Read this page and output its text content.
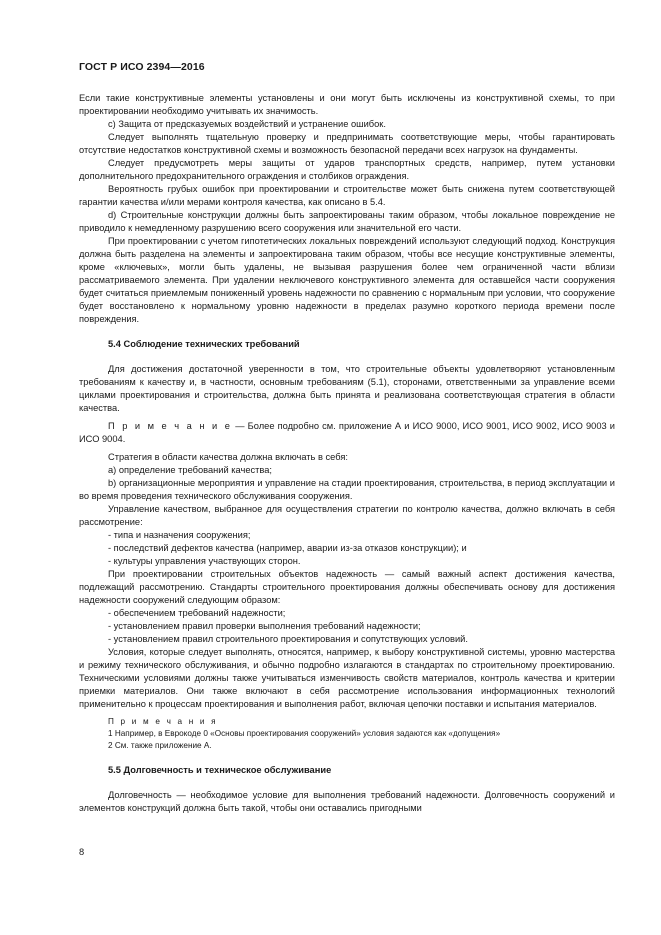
ГОСТ Р ИСО 2394—2016

Если такие конструктивные элементы установлены и они могут быть исключены из конструктивной схемы, то при проектировании необходимо учитывать их значимость.

c) Защита от предсказуемых воздействий и устранение ошибок.

Следует выполнять тщательную проверку и предпринимать соответствующие меры, чтобы гарантировать отсутствие недостатков конструктивной схемы и возможность безопасной передачи всех нагрузок на фундаменты.

Следует предусмотреть меры защиты от ударов транспортных средств, например, путем установки дополнительного предохранительного ограждения и столбиков ограждения.

Вероятность грубых ошибок при проектировании и строительстве может быть снижена путем соответствующей гарантии качества и/или мерами контроля качества, как описано в 5.4.

d) Строительные конструкции должны быть запроектированы таким образом, чтобы локальное повреждение не приводило к немедленному разрушению всего сооружения или значительной его части.

При проектировании с учетом гипотетических локальных повреждений используют следующий подход. Конструкция должна быть разделена на элементы и запроектирована таким образом, чтобы все несущие конструктивные элементы, кроме «ключевых», могли быть удалены, не вызывая разрушения более чем ограниченной части вблизи рассматриваемого элемента. При удалении неключевого конструктивного элемента для оставшейся части сооружения будет считаться приемлемым пониженный уровень надежности по сравнению с нормальным при условии, что сооружение будет восстановлено к нормальному уровню надежности в пределах разумно короткого периода времени после повреждения.

5.4 Соблюдение технических требований

Для достижения достаточной уверенности в том, что строительные объекты удовлетворяют установленным требованиям к качеству и, в частности, основным требованиям (5.1), сторонами, ответственными за управление всеми циклами проектирования и строительства, должна быть принята и реализована соответствующая стратегия в области качества.

П р и м е ч а н и е — Более подробно см. приложение А и ИСО 9000, ИСО 9001, ИСО 9002, ИСО 9003 и ИСО 9004.

Стратегия в области качества должна включать в себя:

a) определение требований качества;

b) организационные мероприятия и управление на стадии проектирования, строительства, в период эксплуатации и во время проведения технического обслуживания сооружения.

Управление качеством, выбранное для осуществления стратегии по контролю качества, должно включать в себя рассмотрение:

- типа и назначения сооружения;

- последствий дефектов качества (например, аварии из-за отказов конструкции); и

- культуры управления участвующих сторон.

При проектировании строительных объектов надежность — самый важный аспект достижения качества, подлежащий рассмотрению. Стандарты строительного проектирования должны обеспечивать основу для достижения надежности сооружений следующим образом:

- обеспечением требований надежности;

- установлением правил проверки выполнения требований надежности;

- установлением правил строительного проектирования и сопутствующих условий.

Условия, которые следует выполнять, относятся, например, к выбору конструктивной системы, уровню мастерства и режиму технического обслуживания, и обычно подробно излагаются в стандартах по строительному проектированию. Техническими условиями должны также учитываться изменчивость свойств материалов, контроль качества и критерии приемки материалов. Они также включают в себя рассмотрение использования информационных технологий применительно к процессам проектирования и выполнения работ, включая цепочки поставки и испытания материалов.

П р и м е ч а н и я

1 Например, в Еврокоде 0 «Основы проектирования сооружений» условия задаются как «допущения»

2 См. также приложение А.

5.5 Долговечность и техническое обслуживание

Долговечность — необходимое условие для выполнения требований надежности. Долговечность сооружений и элементов конструкций должна быть такой, чтобы они оставались пригодными

8
